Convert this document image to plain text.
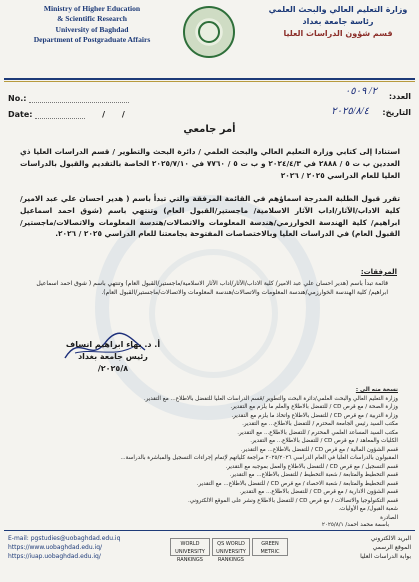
Ministry of Higher Education
& Scientific Research
University of Baghdad
Department of Postgraduate Affairs
وزارة التعليم العالي والبحث العلمي
رئاسة جامعة بغداد
قسم شؤون الدراسات العليا
No.:
Date:	/ /
العدد:
التاريخ:
٢/ ٠٥٠٩
٢٠٢٥/٨/٤
أمر جامعي
استنادا إلى كتابي وزارة التعليم العالي والبحث العلمي / دائرة البحث والتطوير / قسم الدراسات العليا ذي العددين ب ت ٥ / ٢٨٨٨ في ٢٠٢٤/٤/٣ و ب ت ٥ / ٧٧٦٠ في ٢٠٢٥/٧/١٠ الخاصة بالتقديم والقبول بالدراسات العليا للعام الدراسي ٢٠٢٥ / ٢٠٢٦
تقرر قبول الطلبة المدرجة اسماؤهم في القائمة المرفقة والتي تبدأ باسم ( هدير احسان علي عبد الامير/ كلية الاداب/الآثار/اداب الآثار الاسلامية/ ماجستير/القبول العام) وتنتهي باسم (شوق احمد اسماعيل ابراهيم/ كلية الهندسة الخوارزمي/هندسة المعلومات والاتصالات/هندسة المعلومات والاتصالات/ماجستير/القبول العام) في الدراسات العليا وبالاختصاصات المفتوحة بجامعتنا للعام الدراسي ٢٠٢٥ / ٢٠٢٦.
المرفقات:
قائمة تبدأ باسم (هدير احسان علي عبد الامير/ كلية الاداب/الآثار/اداب الآثار الاسلامية/ماجستير/القبول العام) وتنتهي باسم ( شوق احمد اسماعيل ابراهيم/ كلية الهندسة الخوارزمي/هندسة المعلومات والاتصالات/هندسة المعلومات والاتصالات/ماجستير/القبول العام).
أ. د. بهاء ابراهيم انساف
رئيس جامعة بغداد
٢٠٢٥/٨/

نسخة منه الى :

وزارة التعليم العالي والبحث العلمي/دائرة البحث والتطوير /قسم الدراسات العليا للتفضل بالاطلاع... مع التقدير.

وزارة الصحة / مع قرص CD / للتفضل بالاطلاع والعلم ما يلزم مع التقدير.

وزارة التربية / مع قرص CD / للتفضل بالاطلاع واتخاذ ما يلزم مع التقدير.

مكتب السيد رئيس الجامعة المحترم / للتفضل بالاطلاع... مع التقدير.

مكتب السيد المساعد العلمي المحترم / للتفضل بالاطلاع... مع التقدير.

الكليات والمعاهد / مع قرص CD / للتفضل بالاطلاع... مع التقدير.

قسم الشؤون المالية / مع قرص CD / للتفضل بالاطلاع... مع التقدير.

المقبولون بالدراسات العليا في العام الدراسي ٢٠٢٥/٢٠٢٦ مراجعة كلياتهم لإتمام إجراءات التسجيل والمباشرة بالدراسة...

قسم التسجيل / مع قرص CD / للتفضل بالاطلاع والعمل بموجبه مع التقدير.

قسم التخطيط والمتابعة / شعبة التخطيط / للتفضل بالاطلاع... مع التقدير.

قسم التخطيط والمتابعة / شعبة الاحصاء / مع قرص CD / للتفضل بالاطلاع... مع التقدير.

قسم الشؤون الادارية / مع قرص CD / للتفضل بالاطلاع... مع التقدير.

قسم التكنولوجيا والاتصالات / مع قرص CD / للتفضل بالاطلاع ونشر على الموقع الالكتروني.

شعبة القبول/ مع الأوليات.

الصادرة

باسمة محمد احمد/ ٢٠٢٥/٨/١
E-mail: pgstudies@uobaghdad.edu.iq
https://www.uobaghdad.edu.iq/
https://iuap.uobaghdad.edu.iq/
WORLD UNIVERSITY RANKINGS
QS WORLD UNIVERSITY RANKINGS
GREEN METRIC
البريد الالكتروني
الموقع الرسمي
بوابة الدراسات العليا
